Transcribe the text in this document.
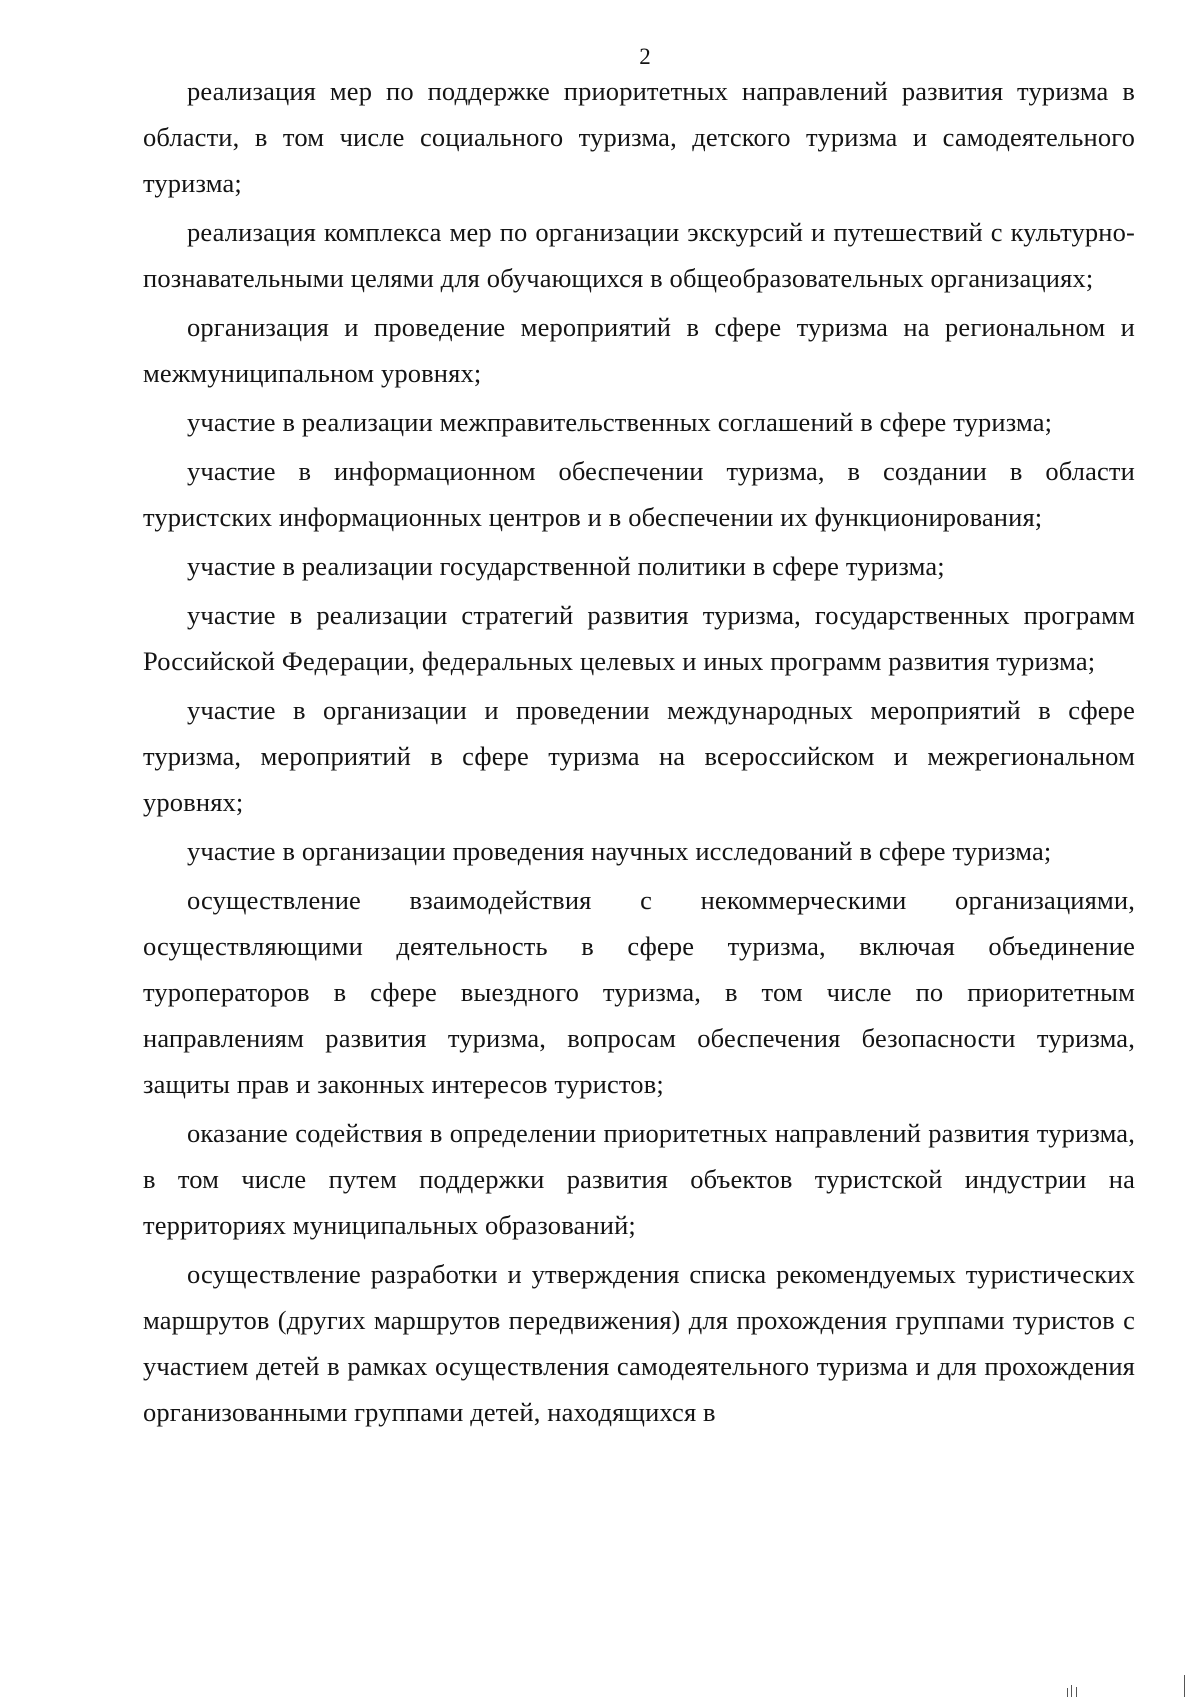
2

реализация мер по поддержке приоритетных направлений развития туризма в области, в том числе социального туризма, детского туризма и самодеятельного туризма;

реализация комплекса мер по организации экскурсий и путешествий с культурно-познавательными целями для обучающихся в общеобразовательных организациях;

организация и проведение мероприятий в сфере туризма на региональном и межмуниципальном уровнях;

участие в реализации межправительственных соглашений в сфере туризма;

участие в информационном обеспечении туризма, в создании в области туристских информационных центров и в обеспечении их функционирования;

участие в реализации государственной политики в сфере туризма;

участие в реализации стратегий развития туризма, государственных программ Российской Федерации, федеральных целевых и иных программ развития туризма;

участие в организации и проведении международных мероприятий в сфере туризма, мероприятий в сфере туризма на всероссийском и межрегиональном уровнях;

участие в организации проведения научных исследований в сфере туризма;

осуществление взаимодействия с некоммерческими организациями, осуществляющими деятельность в сфере туризма, включая объединение туроператоров в сфере выездного туризма, в том числе по приоритетным направлениям развития туризма, вопросам обеспечения безопасности туризма, защиты прав и законных интересов туристов;

оказание содействия в определении приоритетных направлений развития туризма, в том числе путем поддержки развития объектов туристской индустрии на территориях муниципальных образований;

осуществление разработки и утверждения списка рекомендуемых туристических маршрутов (других маршрутов передвижения) для прохождения группами туристов с участием детей в рамках осуществления самодеятельного туризма и для прохождения организованными группами детей, находящихся в
